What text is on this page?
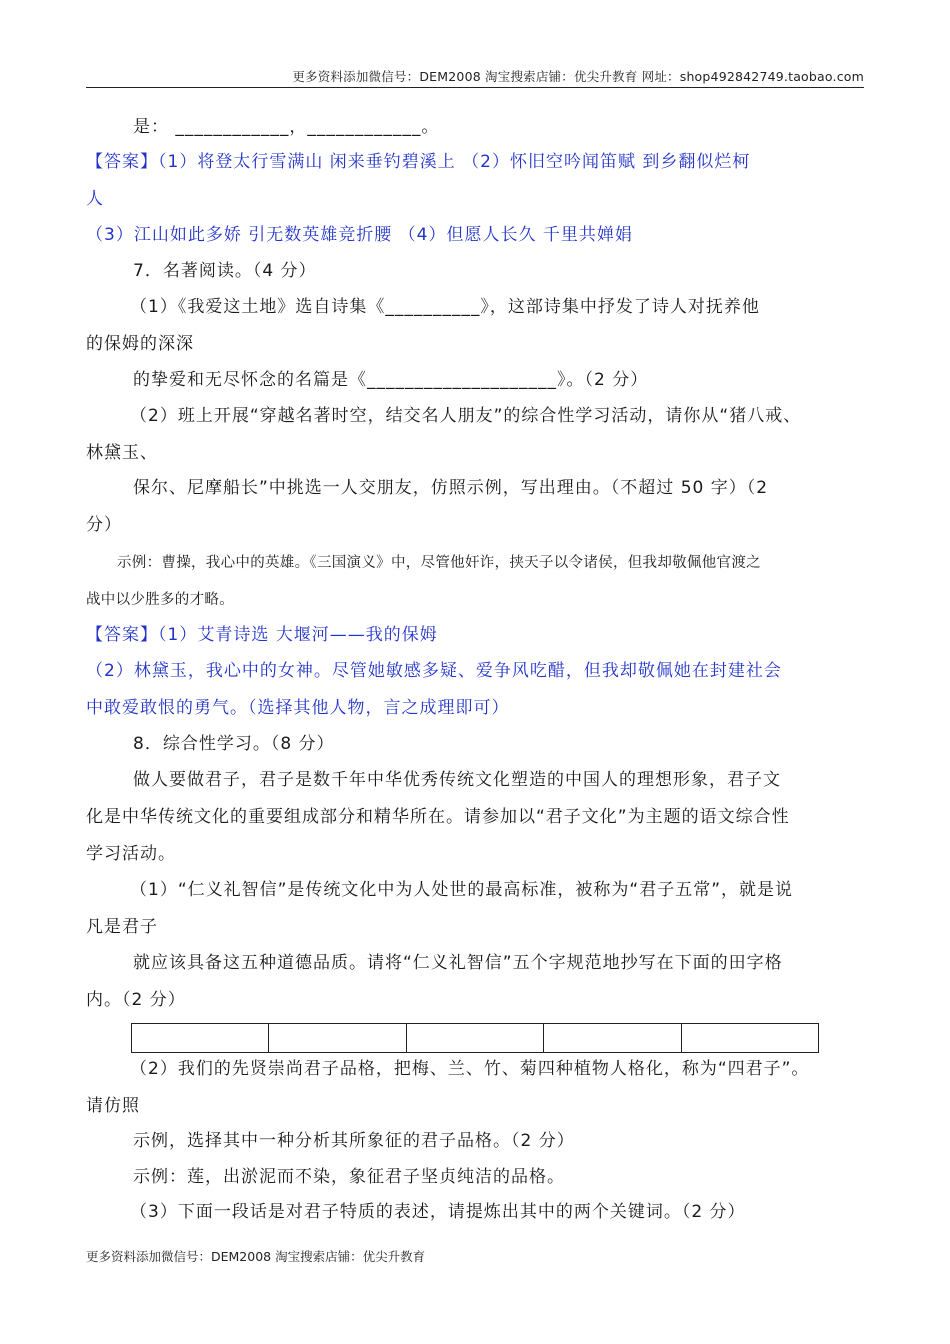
更多资料添加微信号：DEM2008 淘宝搜索店铺：优尖升教育 网址：shop492842749.taobao.com
是： ____________，____________。
【答案】（1）将登太行雪满山 闲来垂钓碧溪上 （2）怀旧空吟闻笛赋 到乡翻似烂柯
人
（3）江山如此多娇 引无数英雄竞折腰 （4）但愿人长久 千里共婵娟
7．名著阅读。（4 分）
（1）《我爱这土地》选自诗集《__________》，这部诗集中抒发了诗人对抚养他
的保姆的深深
的挚爱和无尽怀念的名篇是《____________________》。（2 分）
（2）班上开展“穿越名著时空，结交名人朋友”的综合性学习活动，请你从“猪八戒、
林黛玉、
保尔、尼摩船长”中挑选一人交朋友，仿照示例，写出理由。（不超过 50 字）（2
分）
示例：曹操，我心中的英雄。《三国演义》中，尽管他奸诈，挟天子以令诸侯，但我却敬佩他官渡之
战中以少胜多的才略。
【答案】（1）艾青诗选 大堰河——我的保姆
（2）林黛玉，我心中的女神。尽管她敏感多疑、爱争风吃醋，但我却敬佩她在封建社会
中敢爱敢恨的勇气。（选择其他人物，言之成理即可）
8．综合性学习。（8 分）
做人要做君子，君子是数千年中华优秀传统文化塑造的中国人的理想形象，君子文
化是中华传统文化的重要组成部分和精华所在。请参加以“君子文化”为主题的语文综合性
学习活动。
（1）“仁义礼智信”是传统文化中为人处世的最高标准，被称为“君子五常”，就是说
凡是君子
就应该具备这五种道德品质。请将“仁义礼智信”五个字规范地抄写在下面的田字格
内。（2 分）
（2）我们的先贤崇尚君子品格，把梅、兰、竹、菊四种植物人格化，称为“四君子”。
请仿照
示例，选择其中一种分析其所象征的君子品格。（2 分）
示例：莲，出淤泥而不染，象征君子坚贞纯洁的品格。
（3）下面一段话是对君子特质的表述，请提炼出其中的两个关键词。（2 分）
更多资料添加微信号：DEM2008 淘宝搜索店铺：优尖升教育
